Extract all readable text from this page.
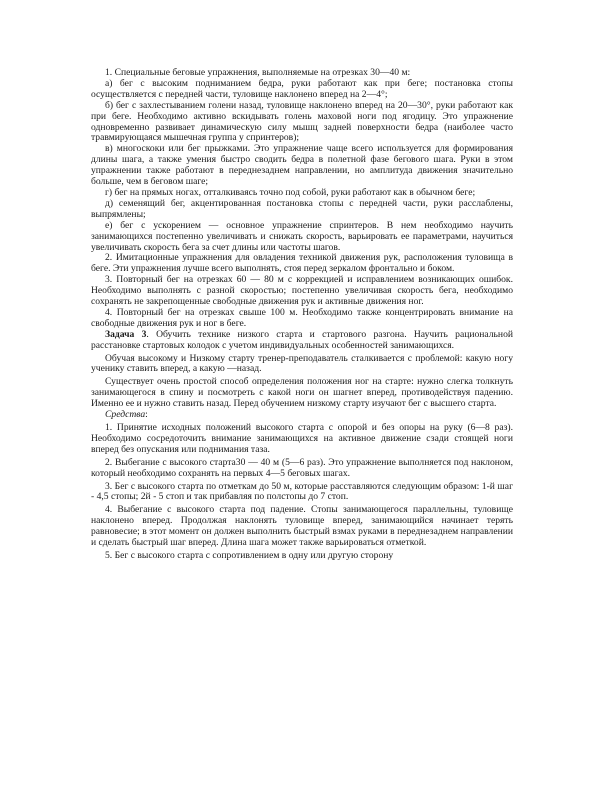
1. Специальные беговые упражнения, выполняемые на отрезках 30—40 м:

а) бег с высоким подниманием бедра, руки работают как при беге; постановка стопы осуществляется с передней части, туловище наклонено вперед на 2—4°;

б) бег с захлестыванием голени назад, туловище наклонено вперед на 20—30°, руки работают как при беге. Необходимо активно вскидывать голень маховой ноги под ягодицу. Это упражнение одновременно развивает динамическую силу мышц задней поверхности бедра (наиболее часто травмирующаяся мышечная группа у спринтеров);

в) многоскоки или бег прыжками. Это упражнение чаще всего используется для формирования длины шага, а также умения быстро сводить бедра в полетной фазе бегового шага. Руки в этом упражнении также работают в переднезаднем направлении, но амплитуда движения значительно больше, чем в беговом шаге;

г) бег на прямых ногах, отталкиваясь точно под собой, руки работают как в обычном беге;

д) семенящий бег, акцентированная постановка стопы с передней части, руки расслаблены, выпрямлены;

е) бег с ускорением — основное упражнение спринтеров. В нем необходимо научить занимающихся постепенно увеличивать и снижать скорость, варьировать ее параметрами, научиться увеличивать скорость бега за счет длины или частоты шагов.

2. Имитационные упражнения для овладения техникой движения рук, расположения туловища в беге. Эти упражнения лучше всего выполнять, стоя перед зеркалом фронтально и боком.

3. Повторный бег на отрезках 60 — 80 м с коррекцией и исправлением возникающих ошибок. Необходимо выполнять с разной скоростью; постепенно увеличивая скорость бега, необходимо сохранять не закрепощенные свободные движения рук и активные движения ног.

4. Повторный бег на отрезках свыше 100 м. Необходимо также концентрировать внимание на свободные движения рук и ног в беге.

Задача 3. Обучить технике низкого старта и стартового разгона. Научить рациональной расстановке стартовых колодок с учетом индивидуальных особенностей занимающихся.

Обучая высокому и Низкому старту тренер-преподаватель сталкивается с проблемой: какую ногу ученику ставить вперед, а какую —назад.

Существует очень простой способ определения положения ног на старте: нужно слегка толкнуть занимающегося в спину и посмотреть с какой ноги он шагнет вперед, противодействуя падению. Именно ее и нужно ставить назад. Перед обучением низкому старту изучают бег с высшего старта.

Средства:

1. Принятие исходных положений высокого старта с опорой и без опоры на руку (6—8 раз). Необходимо сосредоточить внимание занимающихся на активное движение сзади стоящей ноги вперед без опускания или поднимания таза.

2. Выбегание с высокого старта30 — 40 м (5—6 раз). Это упражнение выполняется под наклоном, который необходимо сохранять на первых 4—5 беговых шагах.

3. Бег с высокого старта по отметкам до 50 м, которые расставляются следующим образом: 1-й шаг - 4,5 стопы; 2й - 5 стоп и так прибавляя по полстопы до 7 стоп.

4. Выбегание с высокого старта под падение. Стопы занимающегося параллельны, туловище наклонено вперед. Продолжая наклонять туловище вперед, занимающийся начинает терять равновесие; в этот момент он должен выполнить быстрый взмах руками в переднезаднем направлении и сделать быстрый шаг вперед. Длина шага может также варьироваться отметкой.

5. Бег с высокого старта с сопротивлением в одну или другую сторону
